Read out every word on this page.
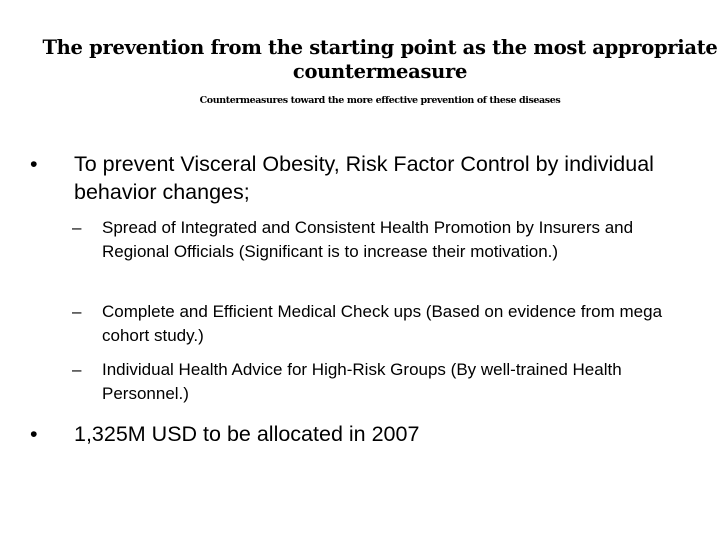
The prevention from the starting point as the most appropriate countermeasure
Countermeasures toward the more effective prevention of these diseases
• To prevent Visceral Obesity, Risk Factor Control by individual behavior changes;
– Spread of Integrated and Consistent Health Promotion by Insurers and Regional Officials (Significant is to increase their motivation.)
– Complete and Efficient Medical Check ups (Based on evidence from mega cohort study.)
– Individual Health Advice for High-Risk Groups (By well-trained Health Personnel.)
• 1,325M USD to be allocated in 2007
